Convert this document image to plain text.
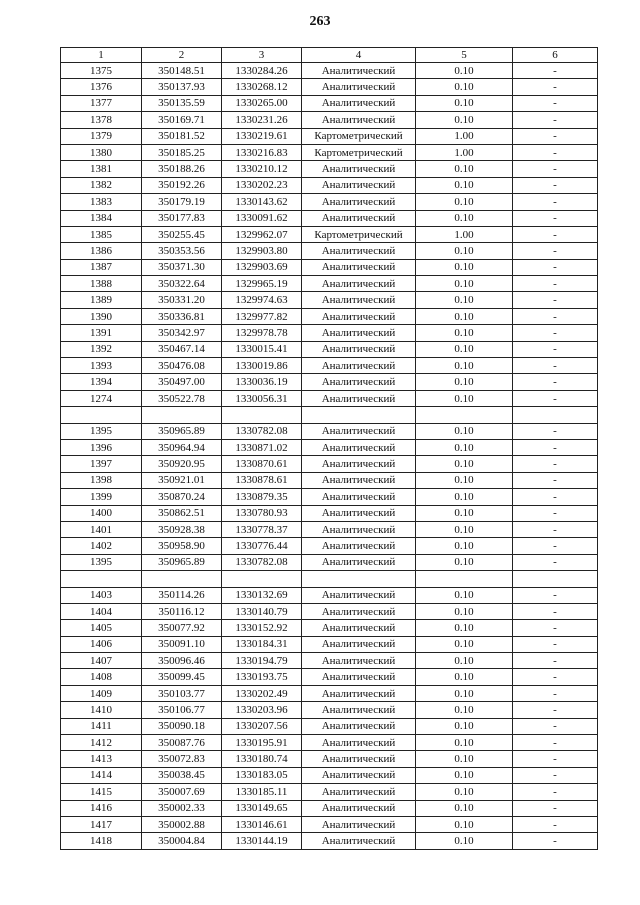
263
1	2	3	4	5	6
1375	350148.51	1330284.26	Аналитический	0.10	-
1376	350137.93	1330268.12	Аналитический	0.10	-
1377	350135.59	1330265.00	Аналитический	0.10	-
1378	350169.71	1330231.26	Аналитический	0.10	-
1379	350181.52	1330219.61	Картометрический	1.00	-
1380	350185.25	1330216.83	Картометрический	1.00	-
1381	350188.26	1330210.12	Аналитический	0.10	-
1382	350192.26	1330202.23	Аналитический	0.10	-
1383	350179.19	1330143.62	Аналитический	0.10	-
1384	350177.83	1330091.62	Аналитический	0.10	-
1385	350255.45	1329962.07	Картометрический	1.00	-
1386	350353.56	1329903.80	Аналитический	0.10	-
1387	350371.30	1329903.69	Аналитический	0.10	-
1388	350322.64	1329965.19	Аналитический	0.10	-
1389	350331.20	1329974.63	Аналитический	0.10	-
1390	350336.81	1329977.82	Аналитический	0.10	-
1391	350342.97	1329978.78	Аналитический	0.10	-
1392	350467.14	1330015.41	Аналитический	0.10	-
1393	350476.08	1330019.86	Аналитический	0.10	-
1394	350497.00	1330036.19	Аналитический	0.10	-
1274	350522.78	1330056.31	Аналитический	0.10	-

1395	350965.89	1330782.08	Аналитический	0.10	-
1396	350964.94	1330871.02	Аналитический	0.10	-
1397	350920.95	1330870.61	Аналитический	0.10	-
1398	350921.01	1330878.61	Аналитический	0.10	-
1399	350870.24	1330879.35	Аналитический	0.10	-
1400	350862.51	1330780.93	Аналитический	0.10	-
1401	350928.38	1330778.37	Аналитический	0.10	-
1402	350958.90	1330776.44	Аналитический	0.10	-
1395	350965.89	1330782.08	Аналитический	0.10	-

1403	350114.26	1330132.69	Аналитический	0.10	-
1404	350116.12	1330140.79	Аналитический	0.10	-
1405	350077.92	1330152.92	Аналитический	0.10	-
1406	350091.10	1330184.31	Аналитический	0.10	-
1407	350096.46	1330194.79	Аналитический	0.10	-
1408	350099.45	1330193.75	Аналитический	0.10	-
1409	350103.77	1330202.49	Аналитический	0.10	-
1410	350106.77	1330203.96	Аналитический	0.10	-
1411	350090.18	1330207.56	Аналитический	0.10	-
1412	350087.76	1330195.91	Аналитический	0.10	-
1413	350072.83	1330180.74	Аналитический	0.10	-
1414	350038.45	1330183.05	Аналитический	0.10	-
1415	350007.69	1330185.11	Аналитический	0.10	-
1416	350002.33	1330149.65	Аналитический	0.10	-
1417	350002.88	1330146.61	Аналитический	0.10	-
1418	350004.84	1330144.19	Аналитический	0.10	-
